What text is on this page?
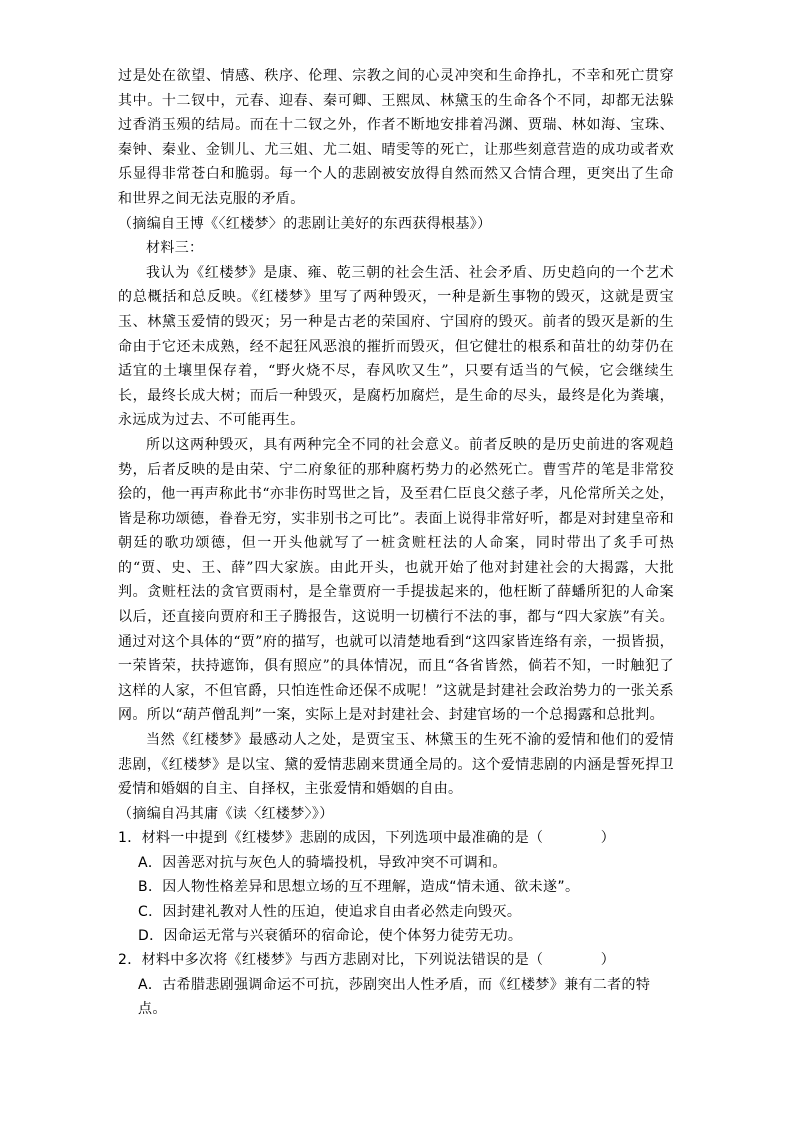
过是处在欲望、情感、秩序、伦理、宗教之间的心灵冲突和生命挣扎，不幸和死亡贯穿其中。十二钗中，元春、迎春、秦可卿、王熙凤、林黛玉的生命各个不同，却都无法躲过香消玉殒的结局。而在十二钗之外，作者不断地安排着冯渊、贾瑞、林如海、宝珠、秦钟、秦业、金钏儿、尤三姐、尤二姐、晴雯等的死亡，让那些刻意营造的成功或者欢乐显得非常苍白和脆弱。每一个人的悲剧被安放得自然而然又合情合理，更突出了生命和世界之间无法克服的矛盾。

（摘编自王博《〈红楼梦〉的悲剧让美好的东西获得根基》）

材料三：

我认为《红楼梦》是康、雍、乾三朝的社会生活、社会矛盾、历史趋向的一个艺术的总概括和总反映。《红楼梦》里写了两种毁灭，一种是新生事物的毁灭，这就是贾宝玉、林黛玉爱情的毁灭；另一种是古老的荣国府、宁国府的毁灭。前者的毁灭是新的生命由于它还未成熟，经不起狂风恶浪的摧折而毁灭，但它健壮的根系和苗壮的幼芽仍在适宜的土壤里保存着，“野火烧不尽，春风吹又生”，只要有适当的气候，它会继续生长，最终长成大树；而后一种毁灭，是腐朽加腐烂，是生命的尽头，最终是化为粪壤，永远成为过去、不可能再生。

所以这两种毁灭，具有两种完全不同的社会意义。前者反映的是历史前进的客观趋势，后者反映的是由荣、宁二府象征的那种腐朽势力的必然死亡。曹雪芹的笔是非常狡狯的，他一再声称此书“亦非伤时骂世之旨，及至君仁臣良父慈子孝，凡伦常所关之处，皆是称功颂德，眷眷无穷，实非别书之可比”。表面上说得非常好听，都是对封建皇帝和朝廷的歌功颂德，但一开头他就写了一桩贪赃枉法的人命案，同时带出了炙手可热的“贾、史、王、薛”四大家族。由此开头，也就开始了他对封建社会的大揭露，大批判。贪赃枉法的贪官贾雨村，是全靠贾府一手提拔起来的，他枉断了薛蟠所犯的人命案以后，还直接向贾府和王子腾报告，这说明一切横行不法的事，都与“四大家族”有关。通过对这个具体的“贾”府的描写，也就可以清楚地看到“这四家皆连络有亲，一损皆损，一荣皆荣，扶持遮饰，俱有照应”的具体情况，而且“各省皆然，倘若不知，一时触犯了这样的人家，不但官爵，只怕连性命还保不成呢！”这就是封建社会政治势力的一张关系网。所以“葫芦僧乱判”一案，实际上是对封建社会、封建官场的一个总揭露和总批判。

当然《红楼梦》最感动人之处，是贾宝玉、林黛玉的生死不渝的爱情和他们的爱情悲剧，《红楼梦》是以宝、黛的爱情悲剧来贯通全局的。这个爱情悲剧的内涵是誓死捍卫爱情和婚姻的自主、自择权，主张爱情和婚姻的自由。

（摘编自冯其庸《读〈红楼梦〉》）

1．材料一中提到《红楼梦》悲剧的成因，下列选项中最准确的是（　　　　）

A．因善恶对抗与灰色人的骑墙投机，导致冲突不可调和。

B．因人物性格差异和思想立场的互不理解，造成“情未通、欲未遂”。

C．因封建礼教对人性的压迫，使追求自由者必然走向毁灭。

D．因命运无常与兴衰循环的宿命论，使个体努力徒劳无功。

2．材料中多次将《红楼梦》与西方悲剧对比，下列说法错误的是（　　　　）

A．古希腊悲剧强调命运不可抗，莎剧突出人性矛盾，而《红楼梦》兼有二者的特点。
